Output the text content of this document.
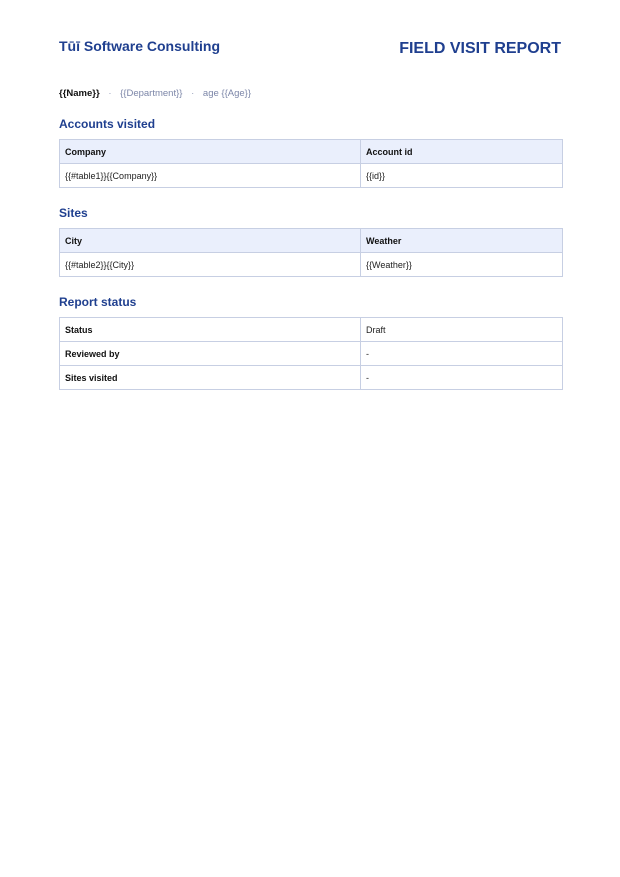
Tūī Software Consulting	FIELD VISIT REPORT
{{Name}} · {{Department}} · age {{Age}}
Accounts visited
Company	Account id
{{#table1}}{{Company}}	{{id}}
Sites
City	Weather
{{#table2}}{{City}}	{{Weather}}
Report status
Status	Draft
Reviewed by	-
Sites visited	-
